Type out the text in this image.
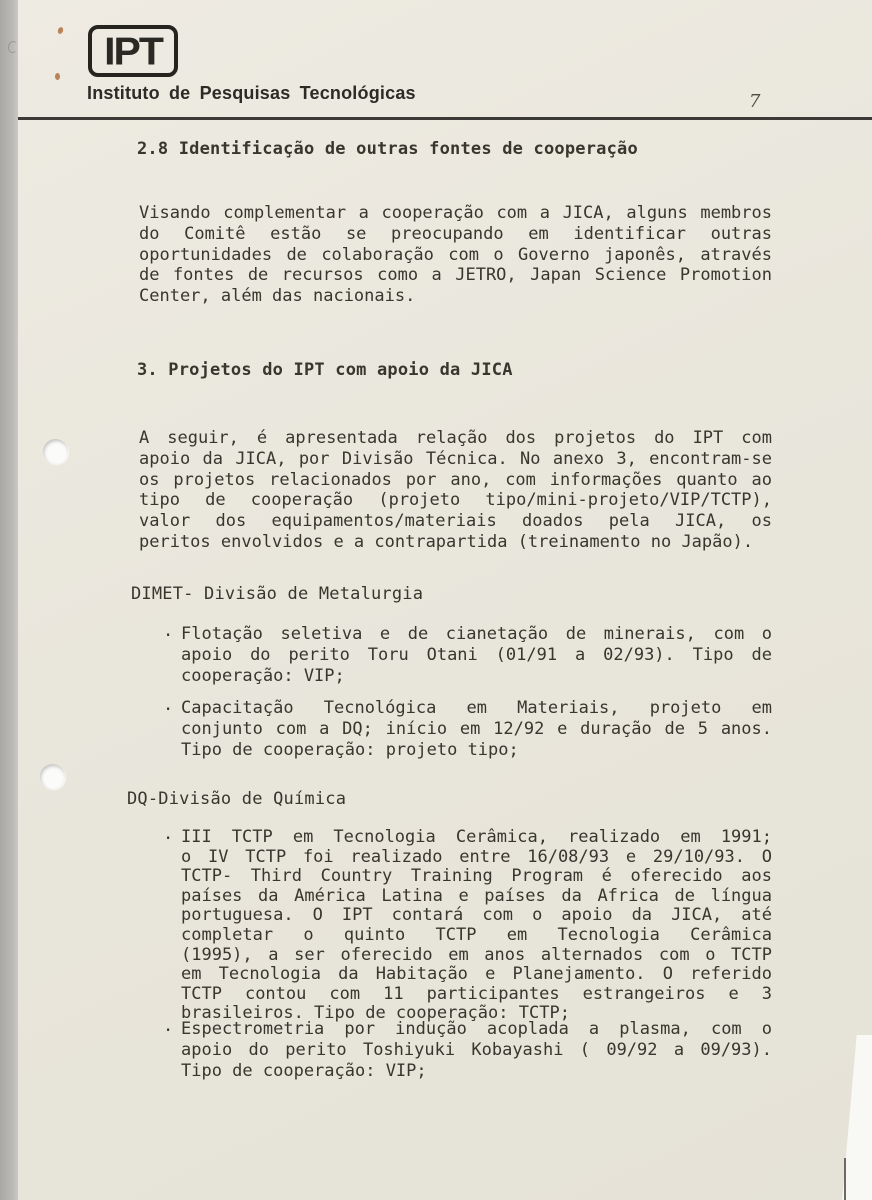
IPT
Instituto de Pesquisas Tecnológicas	7
2.8 Identificação de outras fontes de cooperação
Visando complementar a cooperação com a JICA, alguns membros
do Comitê estão se preocupando em identificar outras
oportunidades de colaboração com o Governo japonês, através
de fontes de recursos como a JETRO, Japan Science Promotion
Center, além das nacionais.
3. Projetos do IPT com apoio da JICA
A seguir, é apresentada relação dos projetos do IPT com
apoio da JICA, por Divisão Técnica. No anexo 3, encontram-se
os projetos relacionados por ano, com informações quanto ao
tipo de cooperação (projeto tipo/mini-projeto/VIP/TCTP),
valor dos equipamentos/materiais doados pela JICA, os
peritos envolvidos e a contrapartida (treinamento no Japão).
DIMET- Divisão de Metalurgia
. Flotação seletiva e de cianetação de minerais, com o
apoio do perito Toru Otani (01/91 a 02/93). Tipo de
cooperação: VIP;
. Capacitação Tecnológica em Materiais, projeto em
conjunto com a DQ; início em 12/92 e duração de 5 anos.
Tipo de cooperação: projeto tipo;
DQ-Divisão de Química
. III TCTP em Tecnologia Cerâmica, realizado em 1991;
o IV TCTP foi realizado entre 16/08/93 e 29/10/93. O
TCTP- Third Country Training Program é oferecido aos
países da América Latina e países da Africa de língua
portuguesa. O IPT contará com o apoio da JICA, até
completar o quinto TCTP em Tecnologia Cerâmica
(1995), a ser oferecido em anos alternados com o TCTP
em Tecnologia da Habitação e Planejamento. O referido
TCTP contou com 11 participantes estrangeiros e 3
brasileiros. Tipo de cooperação: TCTP;
. Espectrometria por indução acoplada a plasma, com o
apoio do perito Toshiyuki Kobayashi ( 09/92 a 09/93).
Tipo de cooperação: VIP;
